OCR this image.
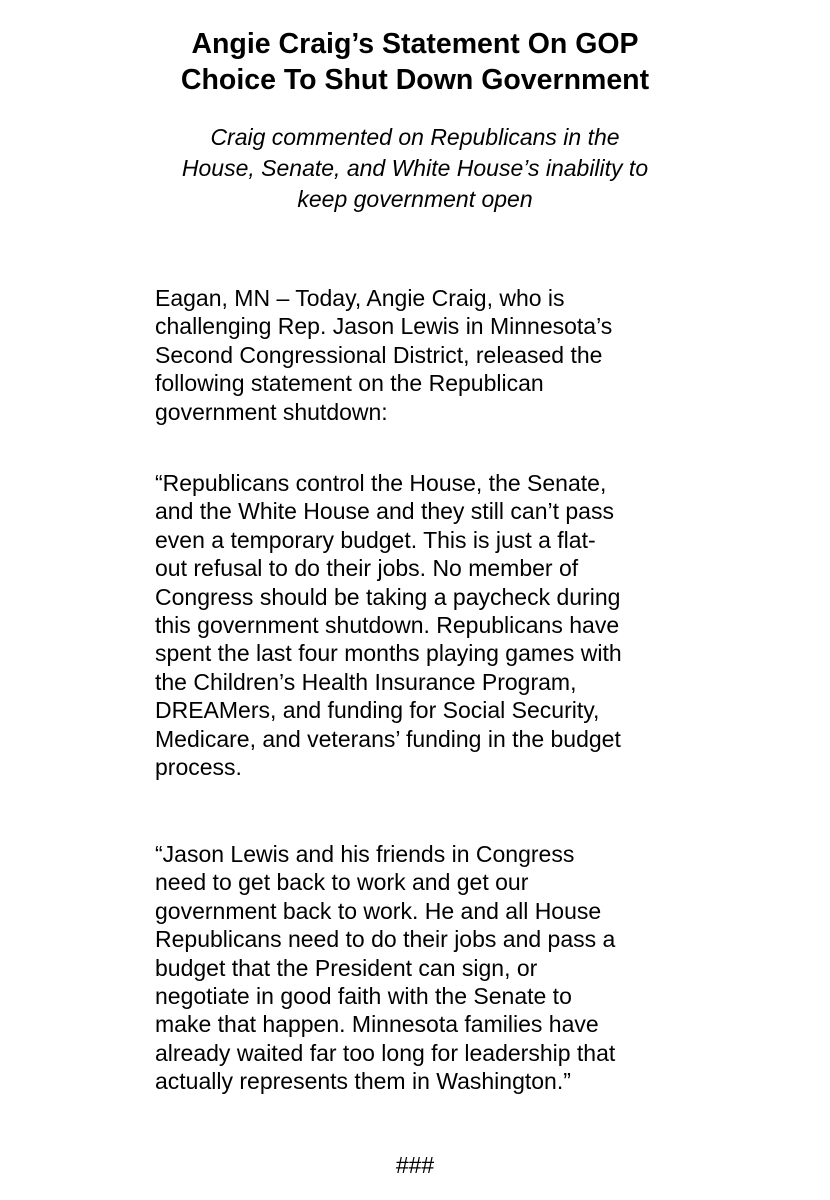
Angie Craig’s Statement On GOP
Choice To Shut Down Government

Craig commented on Republicans in the
House, Senate, and White House’s inability to
keep government open

Eagan, MN – Today, Angie Craig, who is
challenging Rep. Jason Lewis in Minnesota’s
Second Congressional District, released the
following statement on the Republican
government shutdown:

“Republicans control the House, the Senate,
and the White House and they still can’t pass
even a temporary budget. This is just a flat-
out refusal to do their jobs. No member of
Congress should be taking a paycheck during
this government shutdown. Republicans have
spent the last four months playing games with
the Children’s Health Insurance Program,
DREAMers, and funding for Social Security,
Medicare, and veterans’ funding in the budget
process.

“Jason Lewis and his friends in Congress
need to get back to work and get our
government back to work. He and all House
Republicans need to do their jobs and pass a
budget that the President can sign, or
negotiate in good faith with the Senate to
make that happen. Minnesota families have
already waited far too long for leadership that
actually represents them in Washington.”

###
